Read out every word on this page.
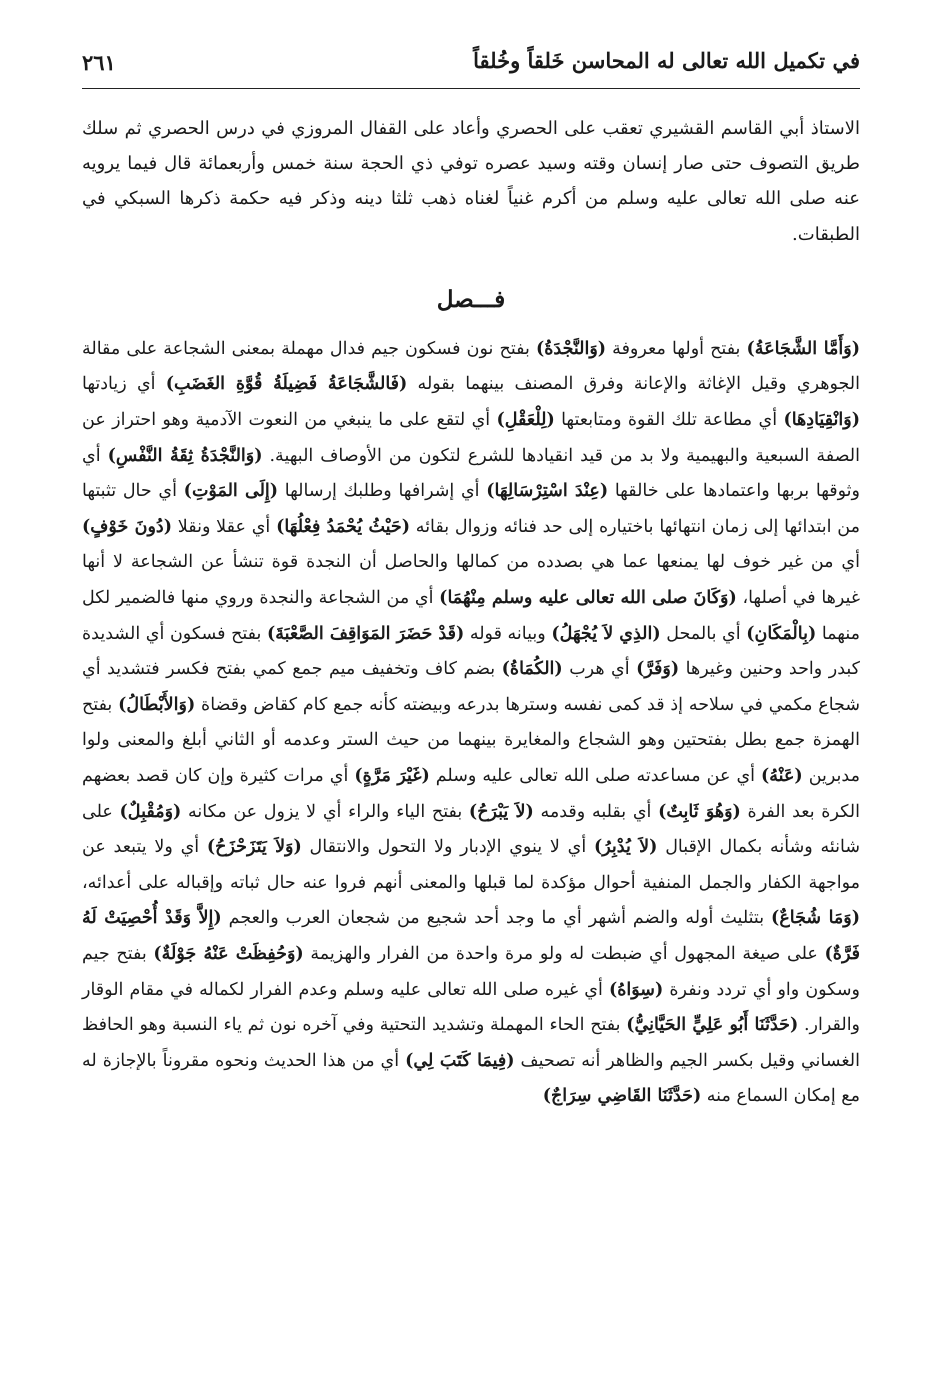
في تكميل الله تعالى له المحاسن خَلقاً وخُلقاً
٢٦١

الاستاذ أبي القاسم القشيري تعقب على الحصري وأعاد على القفال المروزي في درس الحصري ثم سلك طريق التصوف حتى صار إنسان وقته وسيد عصره توفي ذي الحجة سنة خمس وأربعمائة قال فيما يرويه عنه صلى الله تعالى عليه وسلم من أكرم غنياً لغناه ذهب ثلثا دينه وذكر فيه حكمة ذكرها السبكي في الطبقات.

فـــصل

(وَأَمَّا الشَّجَاعَةُ) بفتح أولها معروفة (وَالنَّجْدَةُ) بفتح نون فسكون جيم فدال مهملة بمعنى الشجاعة على مقالة الجوهري وقيل الإغاثة والإعانة وفرق المصنف بينهما بقوله (فَالشَّجَاعَةُ فَضِيلَةُ قُوَّةِ الغَضَبِ) أي زيادتها (وَانْقِيَادِهَا) أي مطاعة تلك القوة ومتابعتها (لِلْعَقْلِ) أي لتقع على ما ينبغي من النعوت الآدمية وهو احتراز عن الصفة السبعية والبهيمية ولا بد من قيد انقيادها للشرع لتكون من الأوصاف البهية. (وَالنَّجْدَةُ ثِقَةُ النَّفْسِ) أي وثوقها بربها واعتمادها على خالقها (عِنْدَ اسْتِرْسَالِهَا) أي إشرافها وطلبك إرسالها (إِلَى المَوْتِ) أي حال تثبتها من ابتدائها إلى زمان انتهائها باختياره إلى حد فنائه وزوال بقائه (حَيْثُ يُحْمَدُ فِعْلُهَا) أي عقلا ونقلا (دُونَ خَوْفٍ) أي من غير خوف لها يمنعها عما هي بصدده من كمالها والحاصل أن النجدة قوة تنشأ عن الشجاعة لا أنها غيرها في أصلها، (وَكَانَ صلى الله تعالى عليه وسلم مِنْهُمَا) أي من الشجاعة والنجدة وروي منها فالضمير لكل منهما (بِالْمَكَانِ) أي بالمحل (الذِي لاَ يُجْهَلُ) وبيانه قوله (قَدْ حَضَرَ المَوَاقِفَ الصَّعْبَةَ) بفتح فسكون أي الشديدة كبدر واحد وحنين وغيرها (وَفَرَّ) أي هرب (الكُمَاةُ) بضم كاف وتخفيف ميم جمع كمي بفتح فكسر فتشديد أي شجاع مكمي في سلاحه إذ قد كمى نفسه وسترها بدرعه وبيضته كأنه جمع كام كقاض وقضاة (وَالأَبْطَالُ) بفتح الهمزة جمع بطل بفتحتين وهو الشجاع والمغايرة بينهما من حيث الستر وعدمه أو الثاني أبلغ والمعنى ولوا مدبرين (عَنْهُ) أي عن مساعدته صلى الله تعالى عليه وسلم (غَيْرَ مَرَّةٍ) أي مرات كثيرة وإن كان قصد بعضهم الكرة بعد الفرة (وَهُوَ ثَابِتٌ) أي بقلبه وقدمه (لاَ يَبْرَحُ) بفتح الياء والراء أي لا يزول عن مكانه (وَمُقْبِلٌ) على شانئه وشأنه بكمال الإقبال (لاَ يُدْبِرُ) أي لا ينوي الإدبار ولا التحول والانتقال (وَلاَ يَتَزَحْزَحُ) أي ولا يتبعد عن مواجهة الكفار والجمل المنفية أحوال مؤكدة لما قبلها والمعنى أنهم فروا عنه حال ثباته وإقباله على أعدائه، (وَمَا شُجَاعٌ) بتثليث أوله والضم أشهر أي ما وجد أحد شجيع من شجعان العرب والعجم (إِلاَّ وَقَدْ أُحْصِيَتْ لَهُ فَرَّةٌ) على صيغة المجهول أي ضبطت له ولو مرة واحدة من الفرار والهزيمة (وَحُفِظَتْ عَنْهُ جَوْلَةٌ) بفتح جيم وسكون واو أي تردد ونفرة (سِوَاهُ) أي غيره صلى الله تعالى عليه وسلم وعدم الفرار لكماله في مقام الوقار والقرار. (حَدَّثَنَا أَبُو عَلِيٍّ الحَيَّانِيُّ) بفتح الحاء المهملة وتشديد التحتية وفي آخره نون ثم ياء النسبة وهو الحافظ الغساني وقيل بكسر الجيم والظاهر أنه تصحيف (فِيمَا كَتَبَ لِي) أي من هذا الحديث ونحوه مقروناً بالإجازة له مع إمكان السماع منه (حَدَّثَنَا القَاضِي سِرَاجٌ)
